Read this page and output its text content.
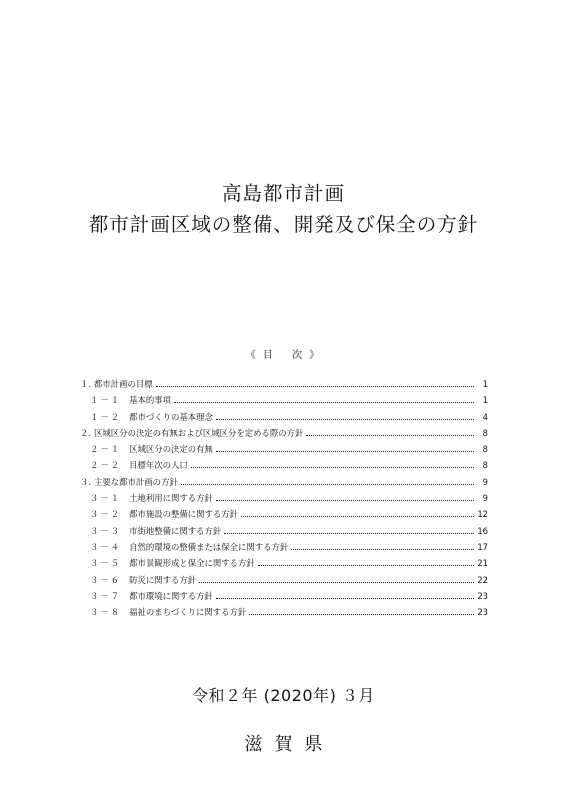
高島都市計画
都市計画区域の整備、開発及び保全の方針
《 目　 次 》
１. 都市計画の目標	1
１－１ 基本的事項	1
１－２ 都市づくりの基本理念	4
２. 区域区分の決定の有無および区域区分を定める際の方針	8
２－１ 区域区分の決定の有無	8
２－２ 目標年次の人口	8
３. 主要な都市計画の方針	9
３－１ 土地利用に関する方針	9
３－２ 都市施設の整備に関する方針	12
３－３ 市街地整備に関する方針	16
３－４ 自然的環境の整備または保全に関する方針	17
３－５ 都市景観形成と保全に関する方針	21
３－６ 防災に関する方針	22
３－７ 都市環境に関する方針	23
３－８ 福祉のまちづくりに関する方針	23
令和２年 (2020年) ３月
滋賀県
